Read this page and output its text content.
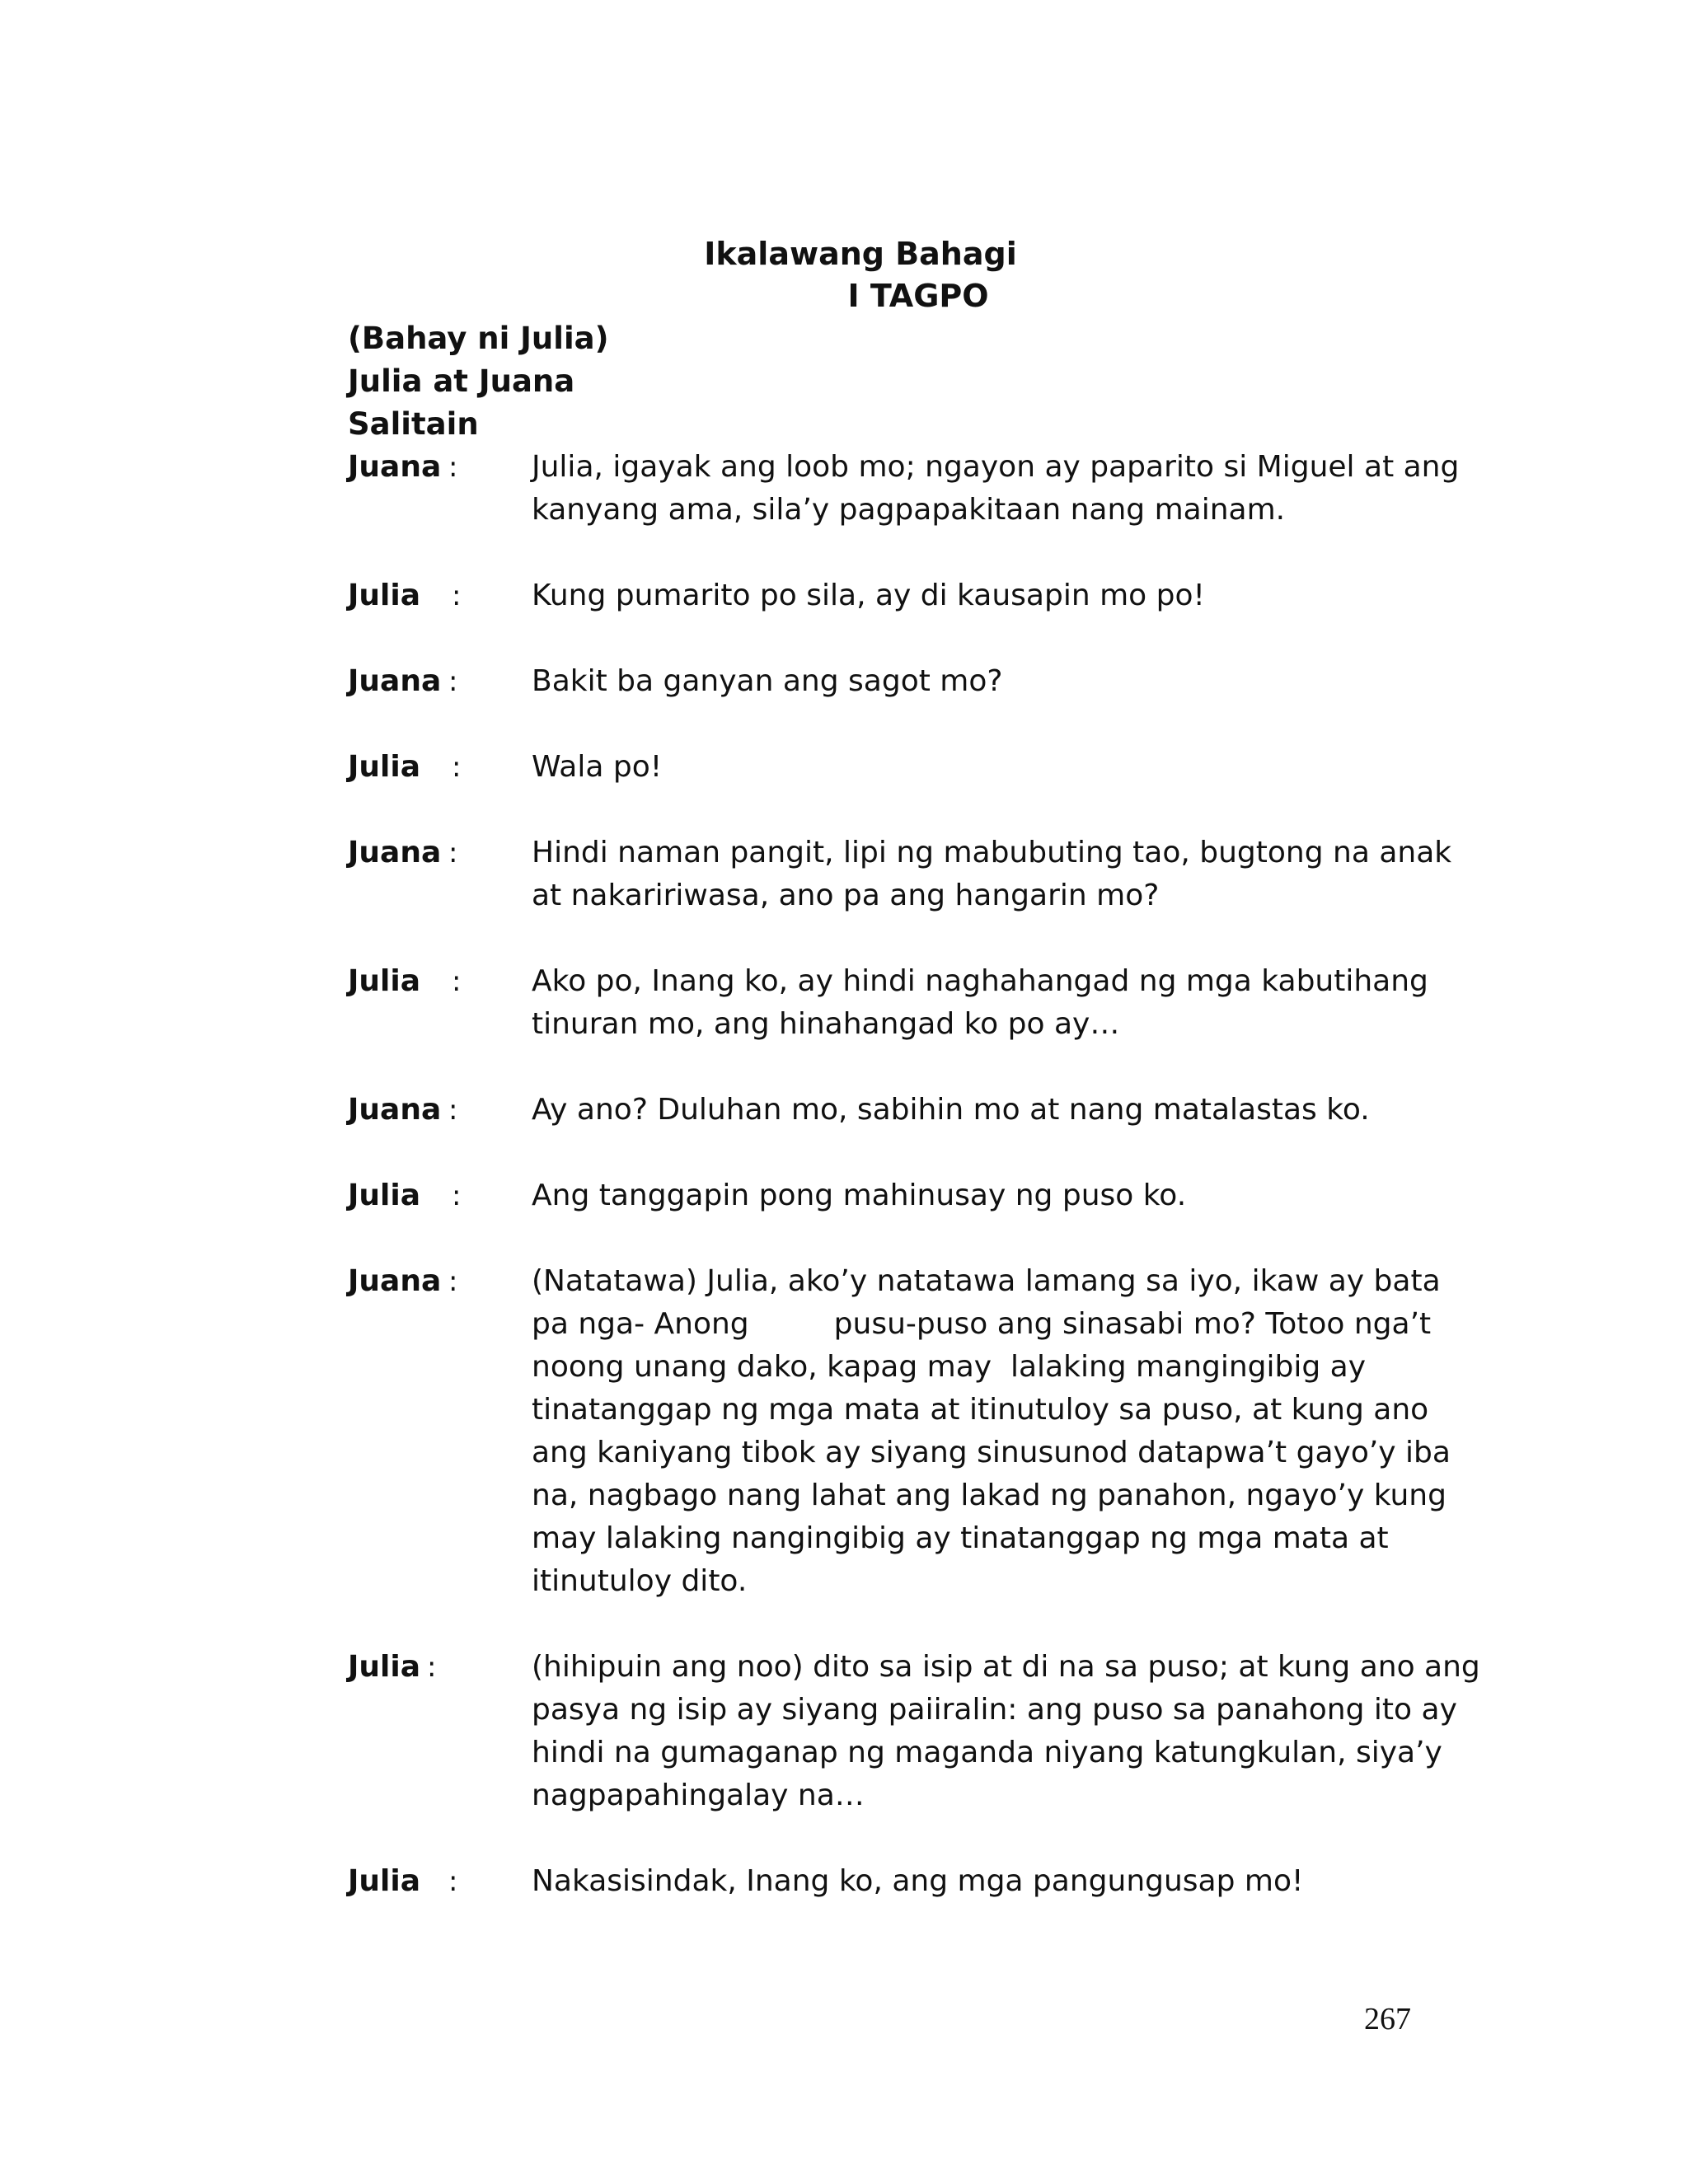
Ikalawang Bahagi
I TAGPO
(Bahay ni Julia)
Julia at Juana
Salitain
Juana : Julia, igayak ang loob mo; ngayon ay paparito si Miguel at ang
kanyang ama, sila’y pagpapakitaan nang mainam.
Julia	: Kung pumarito po sila, ay di kausapin mo po!
Juana : Bakit ba ganyan ang sagot mo?
Julia	: Wala po!
Juana : Hindi naman pangit, lipi ng mabubuting tao, bugtong na anak
at nakaririwasa, ano pa ang hangarin mo?
Julia	: Ako po, Inang ko, ay hindi naghahangad ng mga kabutihang
tinuran mo, ang hinahangad ko po ay…
Juana : Ay ano? Duluhan mo, sabihin mo at nang matalastas ko.
Julia	: Ang tanggapin pong mahinusay ng puso ko.
Juana : (Natatawa) Julia, ako’y natatawa lamang sa iyo, ikaw ay bata
pa nga- Anong         pusu-puso ang sinasabi mo? Totoo nga’t
noong unang dako, kapag may  lalaking mangingibig ay
tinatanggap ng mga mata at itinutuloy sa puso, at kung ano
ang kaniyang tibok ay siyang sinusunod datapwa’t gayo’y iba
na, nagbago nang lahat ang lakad ng panahon, ngayo’y kung
may lalaking nangingibig ay tinatanggap ng mga mata at
itinutuloy dito.
Julia :	(hihipuin ang noo) dito sa isip at di na sa puso; at kung ano ang
pasya ng isip ay siyang paiiralin: ang puso sa panahong ito ay
hindi na gumaganap ng maganda niyang katungkulan, siya’y
nagpapahingalay na…
Julia	: Nakasisindak, Inang ko, ang mga pangungusap mo!
267
